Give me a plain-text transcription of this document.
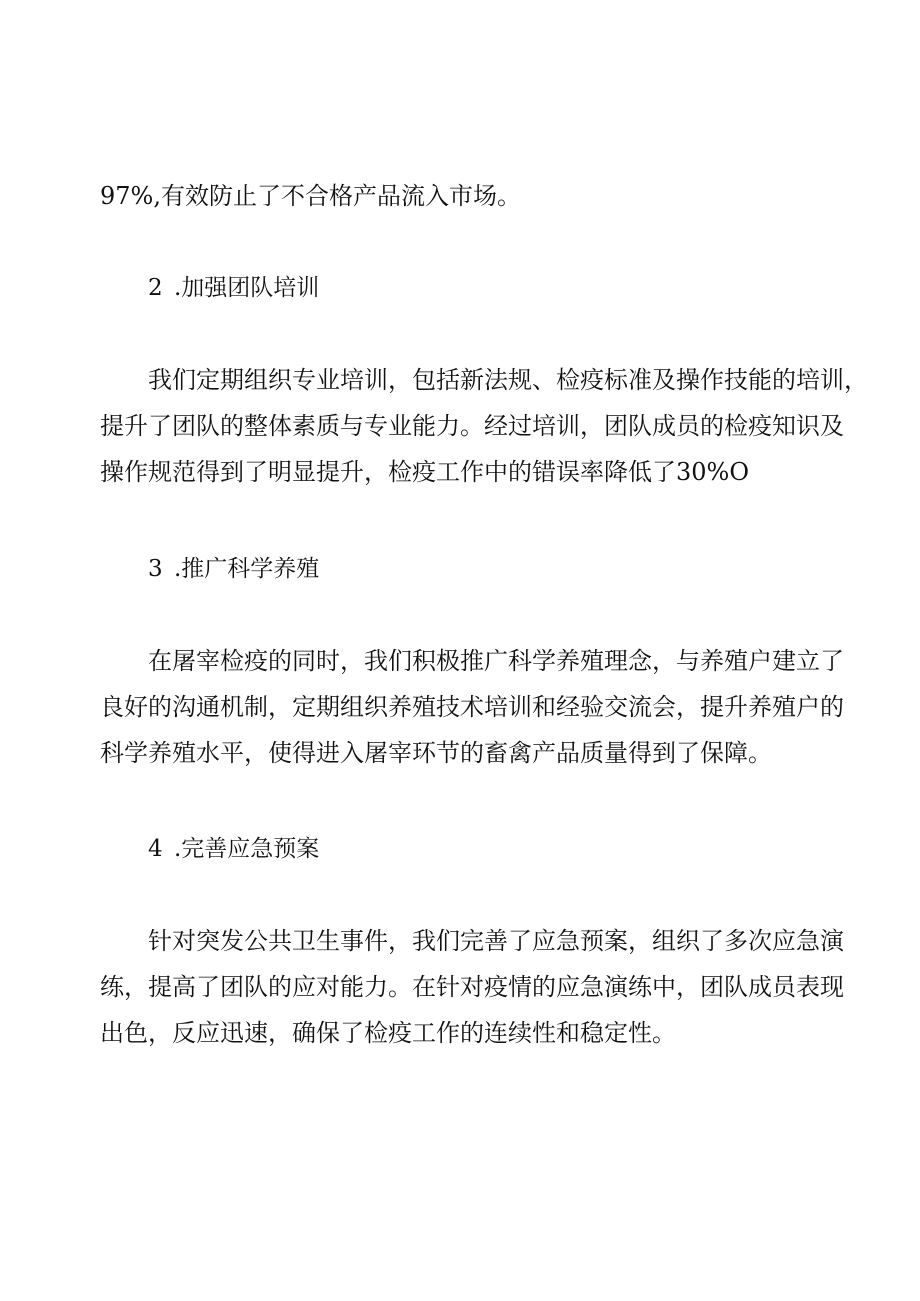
97%,有效防止了不合格产品流入市场。
2 .加强团队培训
我们定期组织专业培训，包括新法规、检疫标准及操作技能的培训，
提升了团队的整体素质与专业能力。经过培训，团队成员的检疫知识及
操作规范得到了明显提升，检疫工作中的错误率降低了30%O
3 .推广科学养殖
在屠宰检疫的同时，我们积极推广科学养殖理念，与养殖户建立了
良好的沟通机制，定期组织养殖技术培训和经验交流会，提升养殖户的
科学养殖水平，使得进入屠宰环节的畜禽产品质量得到了保障。
4 .完善应急预案
针对突发公共卫生事件，我们完善了应急预案，组织了多次应急演
练，提高了团队的应对能力。在针对疫情的应急演练中，团队成员表现
出色，反应迅速，确保了检疫工作的连续性和稳定性。
